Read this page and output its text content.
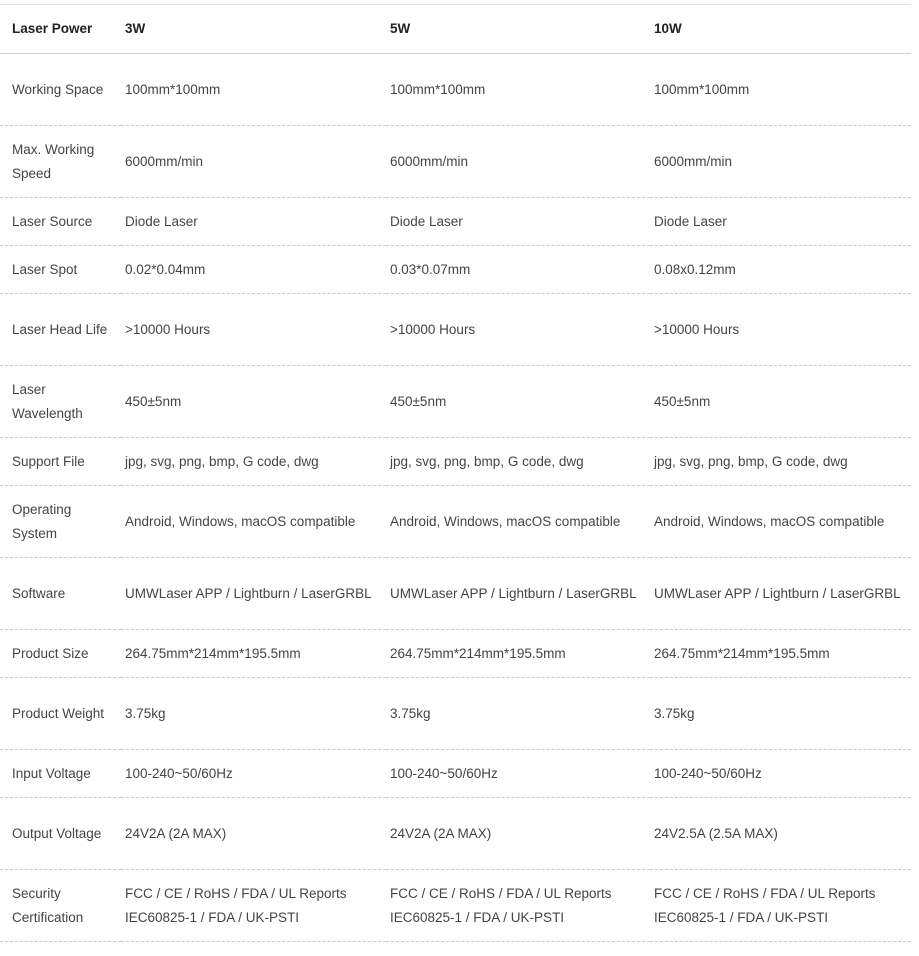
Laser Power	3W	5W	10W
Working Space	100mm*100mm	100mm*100mm	100mm*100mm
Max. Working Speed	6000mm/min	6000mm/min	6000mm/min
Laser Source	Diode Laser	Diode Laser	Diode Laser
Laser Spot	0.02*0.04mm	0.03*0.07mm	0.08x0.12mm
Laser Head Life	>10000 Hours	>10000 Hours	>10000 Hours
Laser Wavelength	450±5nm	450±5nm	450±5nm
Support File	jpg, svg, png, bmp, G code, dwg	jpg, svg, png, bmp, G code, dwg	jpg, svg, png, bmp, G code, dwg
Operating System	Android, Windows, macOS compatible	Android, Windows, macOS compatible	Android, Windows, macOS compatible
Software	UMWLaser APP / Lightburn / LaserGRBL	UMWLaser APP / Lightburn / LaserGRBL	UMWLaser APP / Lightburn / LaserGRBL
Product Size	264.75mm*214mm*195.5mm	264.75mm*214mm*195.5mm	264.75mm*214mm*195.5mm
Product Weight	3.75kg	3.75kg	3.75kg
Input Voltage	100-240~50/60Hz	100-240~50/60Hz	100-240~50/60Hz
Output Voltage	24V2A (2A MAX)	24V2A (2A MAX)	24V2.5A (2.5A MAX)
Security Certification	FCC / CE / RoHS / FDA / UL Reports IEC60825-1 / FDA / UK-PSTI	FCC / CE / RoHS / FDA / UL Reports IEC60825-1 / FDA / UK-PSTI	FCC / CE / RoHS / FDA / UL Reports IEC60825-1 / FDA / UK-PSTI
